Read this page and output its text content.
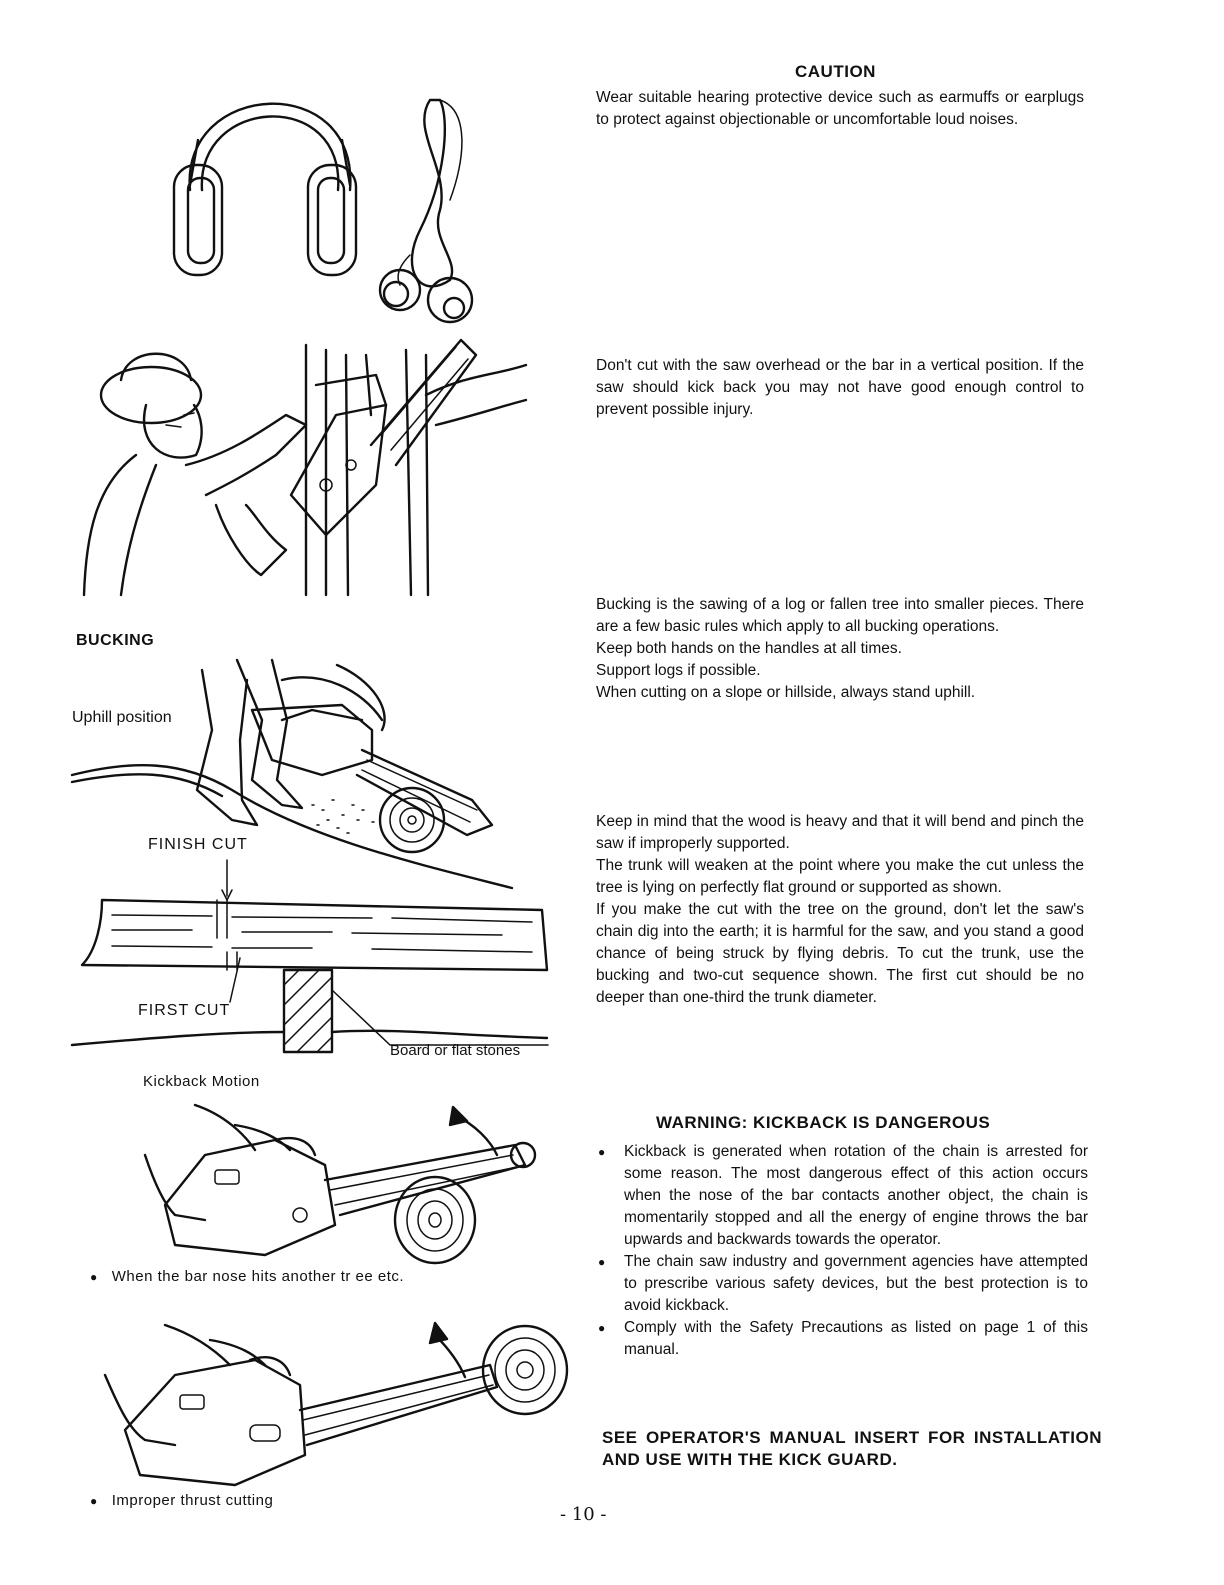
CAUTION

Wear suitable hearing protective device such as earmuffs or earplugs to protect against objectionable or uncomfortable loud noises.

Don't cut with the saw overhead or the bar in a vertical position. If the saw should kick back you may not have good enough control to prevent possible injury.

Bucking is the sawing of a log or fallen tree into smaller pieces. There are a few basic rules which apply to all bucking operations.

Keep both hands on the handles at all times.

Support logs if possible.

When cutting on a slope or hillside, always stand uphill.

Keep in mind that the wood is heavy and that it will bend and pinch the saw if improperly supported.

The trunk will weaken at the point where you make the cut unless the tree is lying on perfectly flat ground or supported as shown.

If you make the cut with the tree on the ground, don't let the saw's chain dig into the earth; it is harmful for the saw, and you stand a good chance of being struck by flying debris. To cut the trunk, use the bucking and two-cut sequence shown. The first cut should be no deeper than one-third the trunk diameter.

WARNING: KICKBACK IS DANGEROUS
● Kickback is generated when rotation of the chain is arrested for some reason. The most dangerous effect of this action occurs when the nose of the bar contacts another object, the chain is momentarily stopped and all the energy of engine throws the bar upwards and backwards towards the operator.
● The chain saw industry and government agencies have attempted to prescribe various safety devices, but the best protection is to avoid kickback.
● Comply with the Safety Precautions as listed on page 1 of this manual.
SEE OPERATOR'S MANUAL INSERT FOR INSTALLATION AND USE WITH THE KICK GUARD.
- 10 -
BUCKING
Uphill position
FINISH CUT
FIRST CUT
Board or flat stones
Kickback Motion
● When the bar nose hits another tr ee etc.
● Improper thrust cutting
